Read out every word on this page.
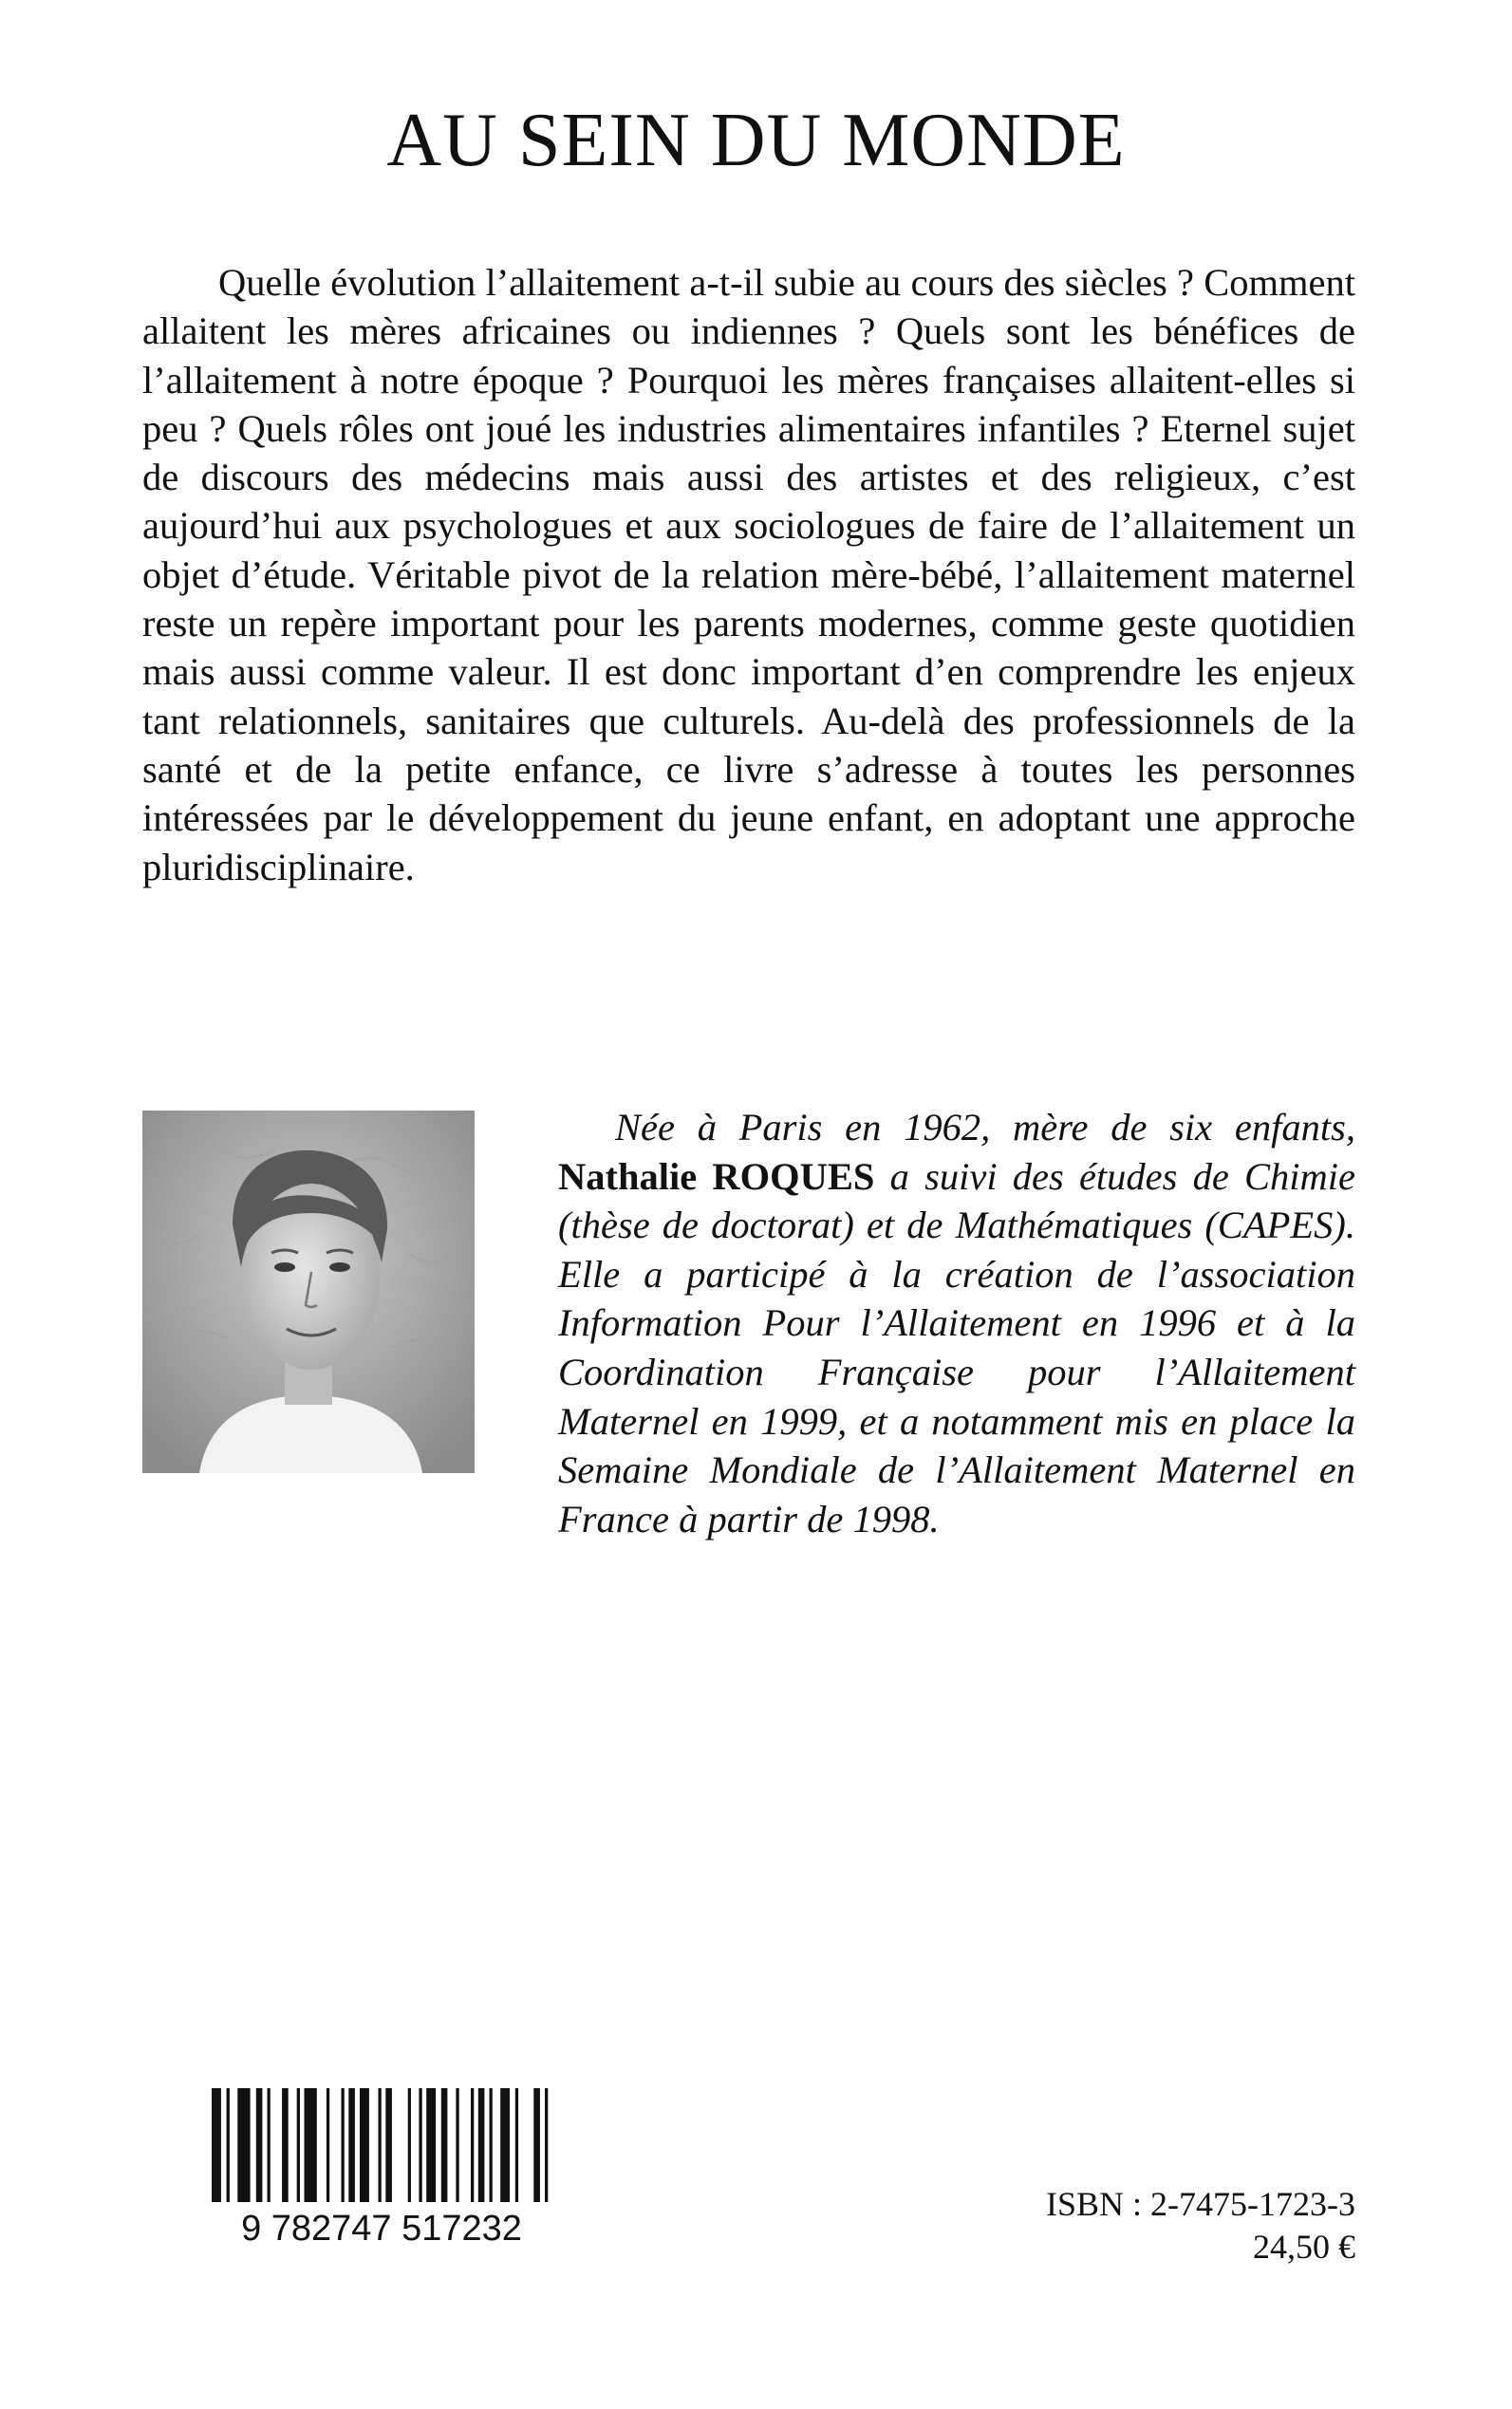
AU SEIN DU MONDE

Quelle évolution l’allaitement a-t-il subie au cours des siècles ? Comment allaitent les mères africaines ou indiennes ? Quels sont les bénéfices de l’allaitement à notre époque ? Pourquoi les mères françaises allaitent-elles si peu ? Quels rôles ont joué les industries alimentaires infantiles ? Eternel sujet de discours des médecins mais aussi des artistes et des religieux, c’est aujourd’hui aux psychologues et aux sociologues de faire de l’allaitement un objet d’étude. Véritable pivot de la relation mère-bébé, l’allaitement maternel reste un repère important pour les parents modernes, comme geste quotidien mais aussi comme valeur. Il est donc important d’en comprendre les enjeux tant relationnels, sanitaires que culturels. Au-delà des professionnels de la santé et de la petite enfance, ce livre s’adresse à toutes les personnes intéressées par le développement du jeune enfant, en adoptant une approche pluridisciplinaire.

Née à Paris en 1962, mère de six enfants, Nathalie ROQUES a suivi des études de Chimie (thèse de doctorat) et de Mathématiques (CAPES). Elle a participé à la création de l’association Information Pour l’Allaitement en 1996 et à la Coordination Française pour l’Allaitement Maternel en 1999, et a notamment mis en place la Semaine Mondiale de l’Allaitement Maternel en France à partir de 1998.

9 782747 517232
ISBN : 2-7475-1723-3
24,50 €
